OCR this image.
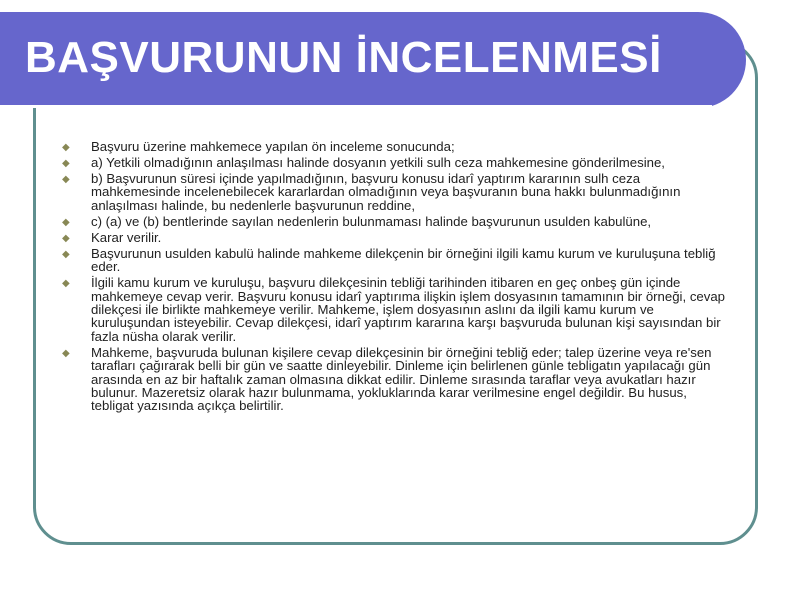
BAŞVURUNUN İNCELENMESİ
◆ Başvuru üzerine mahkemece yapılan ön inceleme sonucunda;
◆ a) Yetkili olmadığının anlaşılması halinde dosyanın yetkili sulh ceza mahkemesine gönderilmesine,
◆ b) Başvurunun süresi içinde yapılmadığının, başvuru konusu idarî yaptırım kararının sulh ceza mahkemesinde incelenebilecek kararlardan olmadığının veya başvuranın buna hakkı bulunmadığının anlaşılması halinde, bu nedenlerle başvurunun reddine,
◆ c) (a) ve (b) bentlerinde sayılan nedenlerin bulunmaması halinde başvurunun usulden kabulüne,
◆ Karar verilir.
◆ Başvurunun usulden kabulü halinde mahkeme dilekçenin bir örneğini ilgili kamu kurum ve kuruluşuna tebliğ eder.
◆ İlgili kamu kurum ve kuruluşu, başvuru dilekçesinin tebliği tarihinden itibaren en geç onbeş gün içinde mahkemeye cevap verir. Başvuru konusu idarî yaptırıma ilişkin işlem dosyasının tamamının bir örneği, cevap dilekçesi ile birlikte mahkemeye verilir. Mahkeme, işlem dosyasının aslını da ilgili kamu kurum ve kuruluşundan isteyebilir. Cevap dilekçesi, idarî yaptırım kararına karşı başvuruda bulunan kişi sayısından bir fazla nüsha olarak verilir.
◆ Mahkeme, başvuruda bulunan kişilere cevap dilekçesinin bir örneğini tebliğ eder; talep üzerine veya re'sen tarafları çağırarak belli bir gün ve saatte dinleyebilir. Dinleme için belirlenen günle tebligatın yapılacağı gün arasında en az bir haftalık zaman olmasına dikkat edilir. Dinleme sırasında taraflar veya avukatları hazır bulunur. Mazeretsiz olarak hazır bulunmama, yokluklarında karar verilmesine engel değildir. Bu husus, tebligat yazısında açıkça belirtilir.
